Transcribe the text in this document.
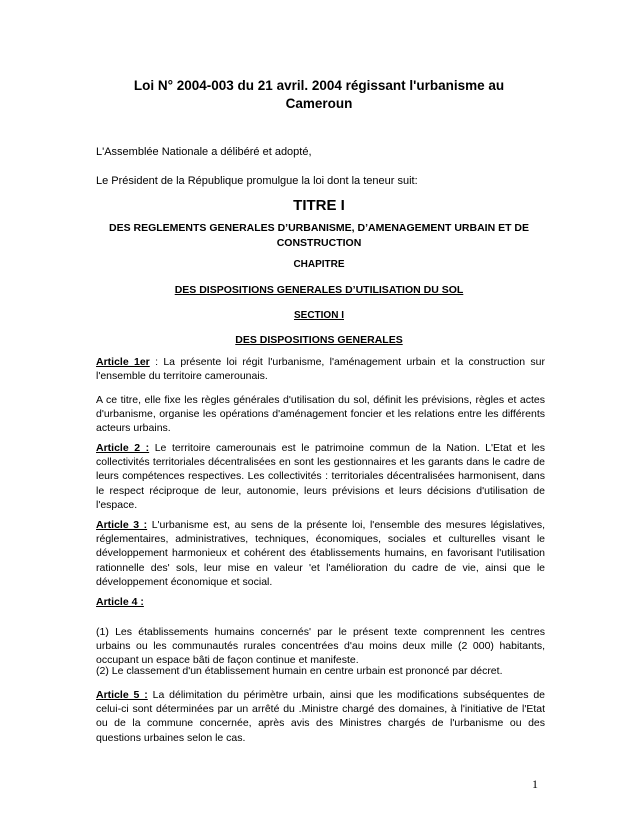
Loi N° 2004-003 du 21 avril. 2004 régissant l'urbanisme au
Cameroun
L'Assemblée Nationale a délibéré et adopté,
Le Président de la République promulgue la loi dont la teneur suit:
TITRE I
DES REGLEMENTS GENERALES D’URBANISME, D’AMENAGEMENT URBAIN ET DE CONSTRUCTION
CHAPITRE
DES DISPOSITIONS GENERALES D’UTILISATION DU SOL
SECTION I
DES DISPOSITIONS GENERALES

Article 1er : La présente loi régit l'urbanisme, l'aménagement urbain et la construction sur l'ensemble du territoire camerounais.

A ce titre, elle fixe les règles générales d'utilisation du sol, définit les prévisions, règles et actes d'urbanisme, organise les opérations d'aménagement foncier et les relations entre les différents acteurs urbains.

Article 2 : Le territoire camerounais est le patrimoine commun de la Nation. L'Etat et les collectivités territoriales décentralisées en sont les gestionnaires et les garants dans le cadre de leurs compétences respectives. Les collectivités : territoriales décentralisées harmonisent, dans le respect réciproque de leur, autonomie, leurs prévisions et leurs décisions d'utilisation de l'espace.

Article 3 : L'urbanisme est, au sens de la présente loi, l'ensemble des mesures législatives, réglementaires, administratives, techniques, économiques, sociales et culturelles visant le développement harmonieux et cohérent des établissements humains, en favorisant l'utilisation rationnelle des' sols, leur mise en valeur 'et l'amélioration du cadre de vie, ainsi que le développement économique et social.

Article 4 :

(1) Les établissements humains concernés' par le présent texte comprennent les centres urbains ou les communautés rurales concentrées d'au moins deux mille (2 000) habitants, occupant un espace bâti de façon continue et manifeste.

(2) Le classement d'un établissement humain en centre urbain est prononcé par décret.

Article 5 : La délimitation du périmètre urbain, ainsi que les modifications subséquentes de celui-ci sont déterminées par un arrêté du .Ministre chargé des domaines, à l'initiative de l'Etat ou de la commune concernée, après avis des Ministres chargés de l'urbanisme ou des questions urbaines selon le cas.

1
